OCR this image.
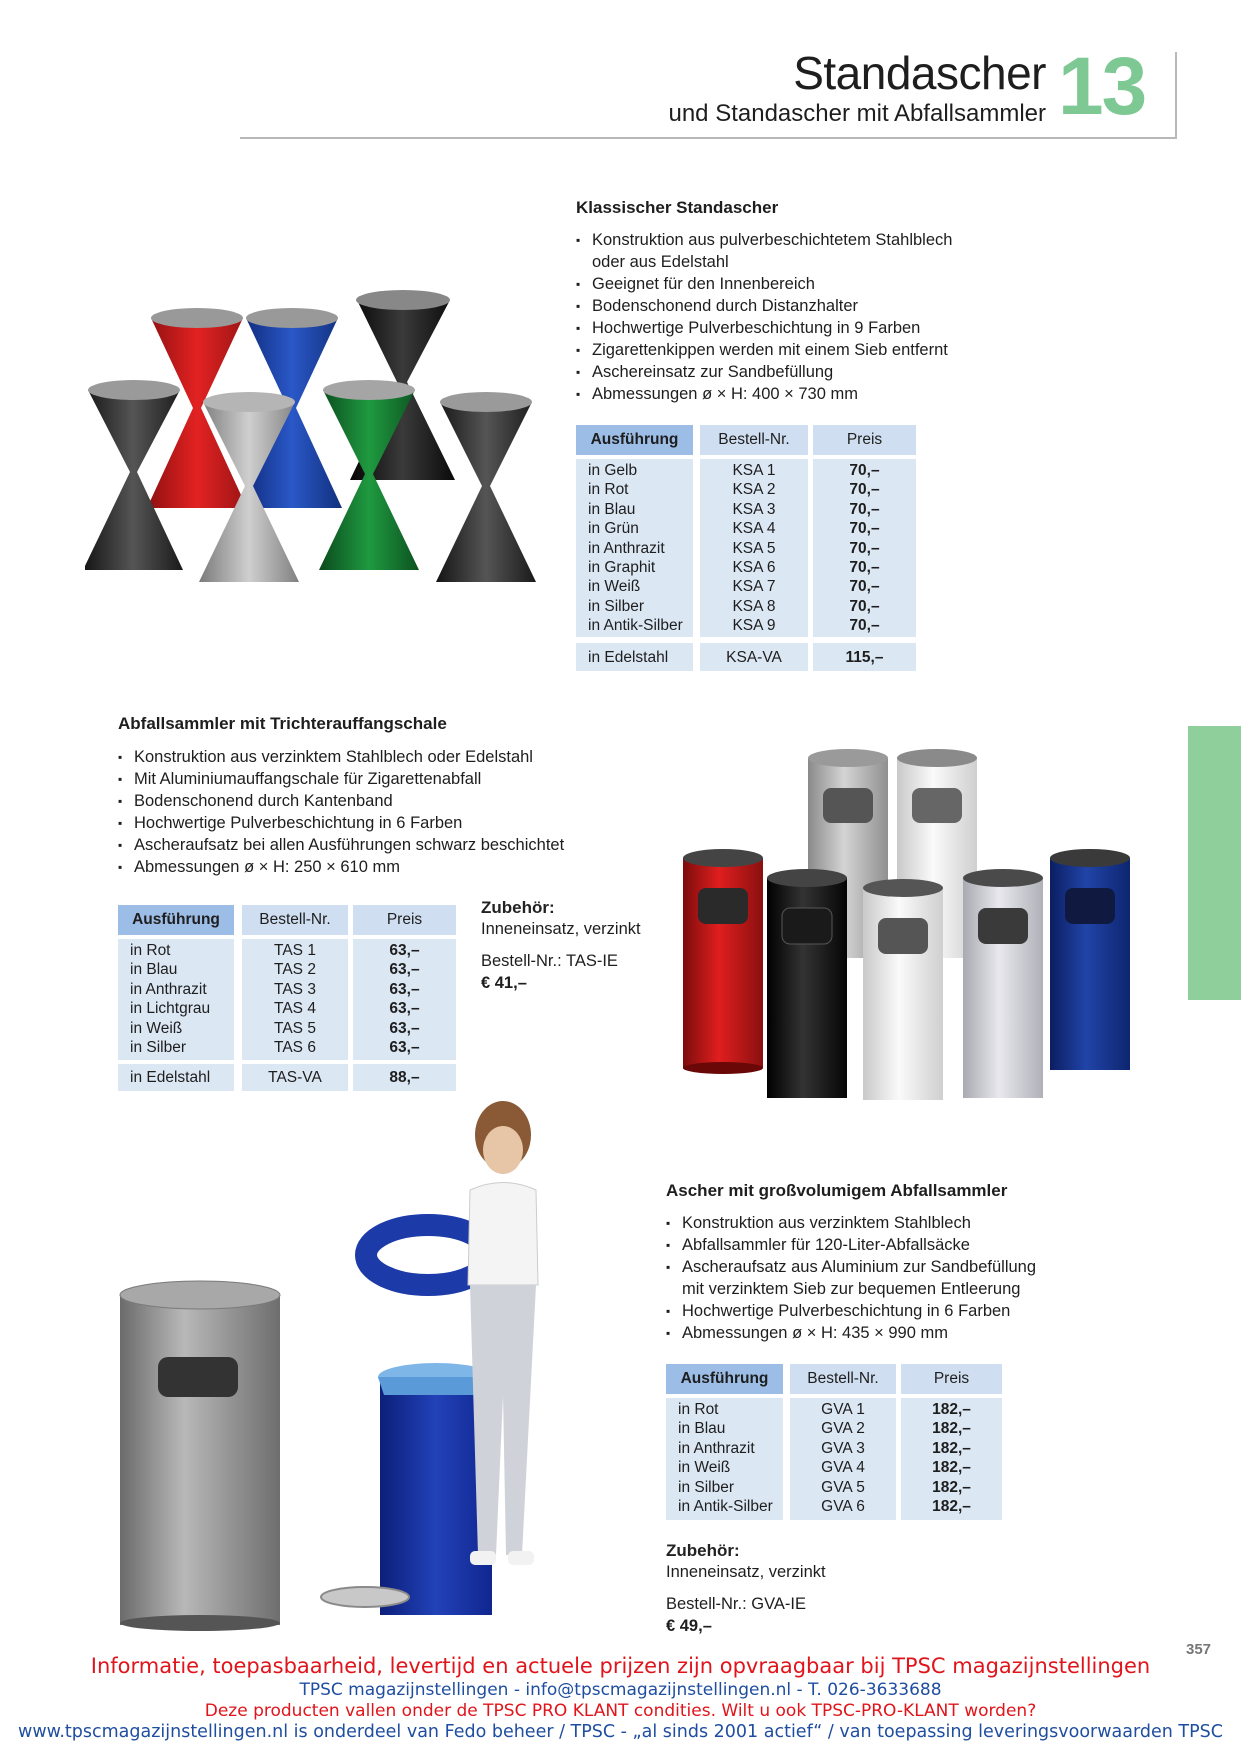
Standascher
und Standascher mit Abfallsammler 13
Klassischer Standascher
▪ Konstruktion aus pulverbeschichtetem Stahlblech
oder aus Edelstahl
▪ Geeignet für den Innenbereich
▪ Bodenschonend durch Distanzhalter
▪ Hochwertige Pulverbeschichtung in 9 Farben
▪ Zigarettenkippen werden mit einem Sieb entfernt
▪ Aschereinsatz zur Sandbefüllung
▪ Abmessungen ø × H: 400 × 730 mm
Ausführung	Bestell-Nr.	Preis
in Gelb	KSA 1	70,–
in Rot	KSA 2	70,–
in Blau	KSA 3	70,–
in Grün	KSA 4	70,–
in Anthrazit	KSA 5	70,–
in Graphit	KSA 6	70,–
in Weiß	KSA 7	70,–
in Silber	KSA 8	70,–
in Antik-Silber	KSA 9	70,–
in Edelstahl	KSA-VA	115,–
Abfallsammler mit Trichterauffangschale
▪ Konstruktion aus verzinktem Stahlblech oder Edelstahl
▪ Mit Aluminiumauffangschale für Zigarettenabfall
▪ Bodenschonend durch Kantenband
▪ Hochwertige Pulverbeschichtung in 6 Farben
▪ Ascheraufsatz bei allen Ausführungen schwarz beschichtet
▪ Abmessungen ø × H: 250 × 610 mm
Ausführung	Bestell-Nr.	Preis
in Rot	TAS 1	63,–
in Blau	TAS 2	63,–
in Anthrazit	TAS 3	63,–
in Lichtgrau	TAS 4	63,–
in Weiß	TAS 5	63,–
in Silber	TAS 6	63,–
in Edelstahl	TAS-VA	88,–
Zubehör:
Inneneinsatz, verzinkt
Bestell-Nr.: TAS-IE
€ 41,–
Ascher mit großvolumigem Abfallsammler
▪ Konstruktion aus verzinktem Stahlblech
▪ Abfallsammler für 120-Liter-Abfallsäcke
▪ Ascheraufsatz aus Aluminium zur Sandbefüllung
mit verzinktem Sieb zur bequemen Entleerung
▪ Hochwertige Pulverbeschichtung in 6 Farben
▪ Abmessungen ø × H: 435 × 990 mm
Ausführung	Bestell-Nr.	Preis
in Rot	GVA 1	182,–
in Blau	GVA 2	182,–
in Anthrazit	GVA 3	182,–
in Weiß	GVA 4	182,–
in Silber	GVA 5	182,–
in Antik-Silber	GVA 6	182,–
Zubehör:
Inneneinsatz, verzinkt
Bestell-Nr.: GVA-IE
€ 49,–
357
Informatie, toepasbaarheid, levertijd en actuele prijzen zijn opvraagbaar bij TPSC magazijnstellingen
TPSC magazijnstellingen - info@tpscmagazijnstellingen.nl - T. 026-3633688
Deze producten vallen onder de TPSC PRO KLANT condities. Wilt u ook TPSC-PRO-KLANT worden?
www.tpscmagazijnstellingen.nl is onderdeel van Fedo beheer / TPSC - „al sinds 2001 actief“ / van toepassing leveringsvoorwaarden TPSC
